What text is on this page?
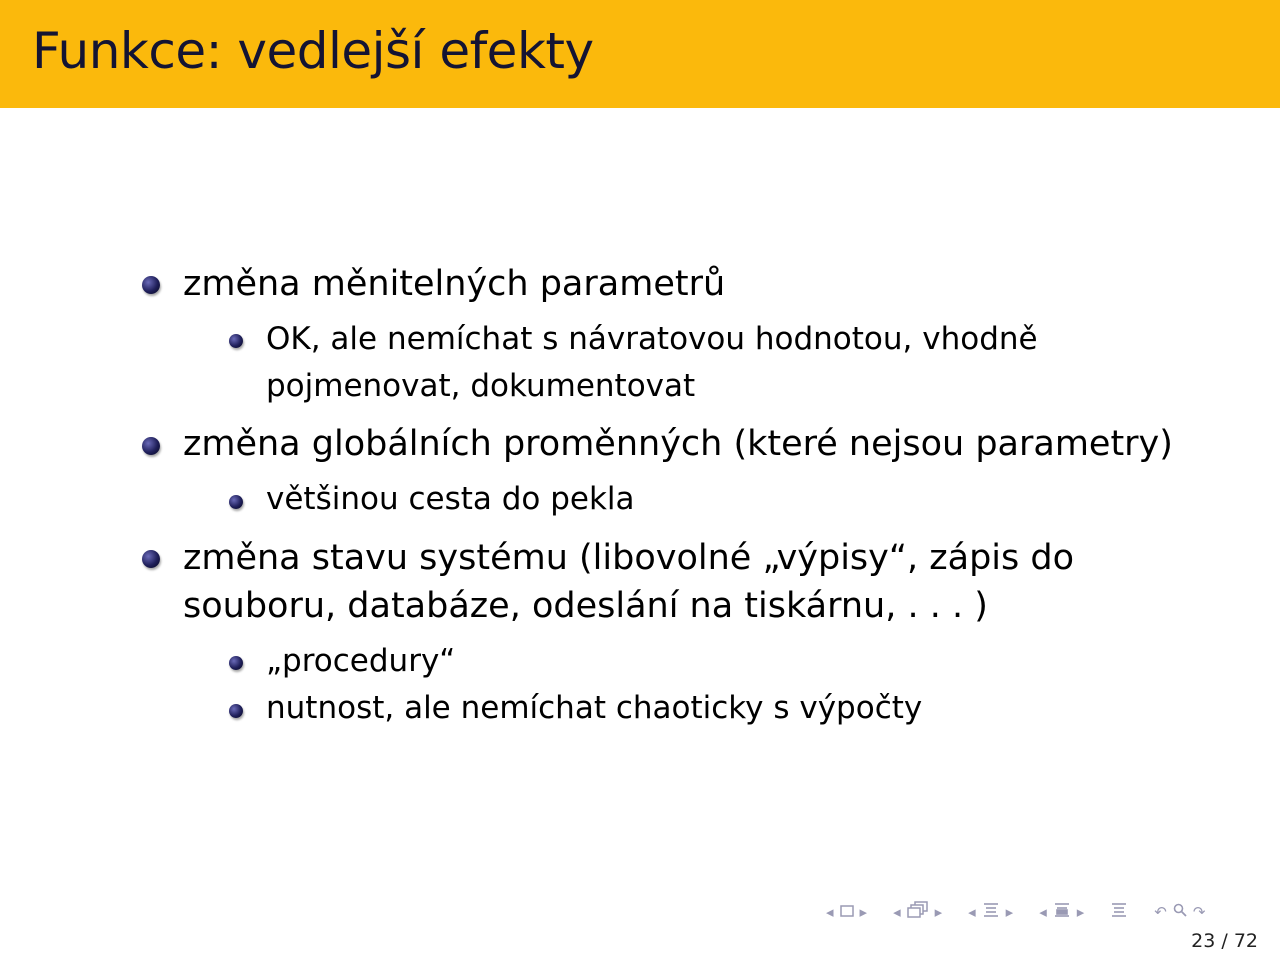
Funkce: vedlejší efekty
změna měnitelných parametrů
OK, ale nemíchat s návratovou hodnotou, vhodně
pojmenovat, dokumentovat
změna globálních proměnných (které nejsou parametry)
většinou cesta do pekla
změna stavu systému (libovolné „výpisy“, zápis do
souboru, databáze, odeslání na tiskárnu, . . . )
„procedury“
nutnost, ale nemíchat chaoticky s výpočty
◂ ▸ ◂ ▸ ◂ ▸ ◂ ▸	↶ ↷
23 / 72
